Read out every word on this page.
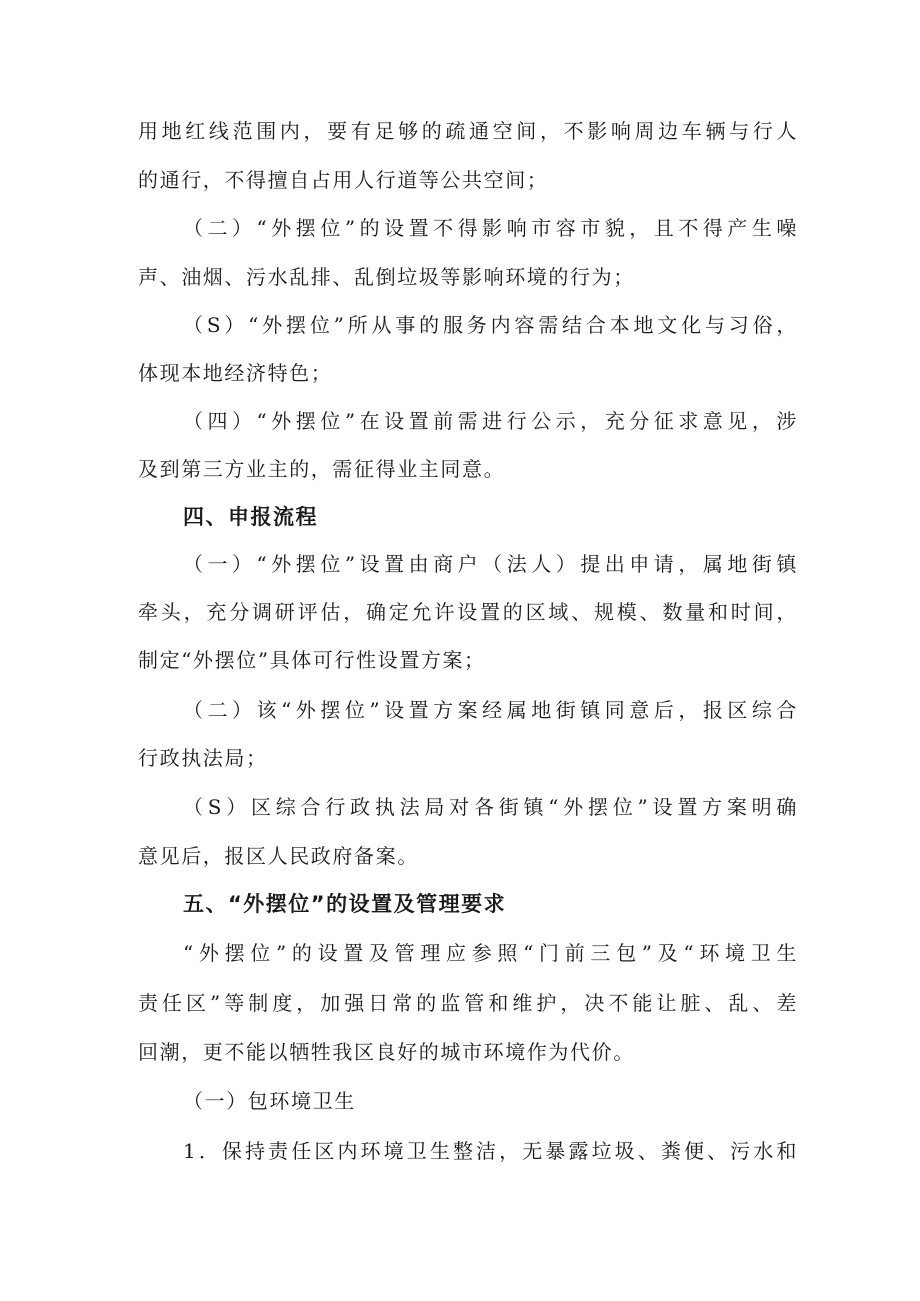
用地红线范围内，要有足够的疏通空间，不影响周边车辆与行人
的通行，不得擅自占用人行道等公共空间；
（二）“外摆位”的设置不得影响市容市貌，且不得产生噪
声、油烟、污水乱排、乱倒垃圾等影响环境的行为；
（S）“外摆位”所从事的服务内容需结合本地文化与习俗，
体现本地经济特色；
（四）“外摆位”在设置前需进行公示，充分征求意见，涉
及到第三方业主的，需征得业主同意。
四、申报流程
（一）“外摆位”设置由商户（法人）提出申请，属地街镇
牵头，充分调研评估，确定允许设置的区域、规模、数量和时间，
制定“外摆位”具体可行性设置方案；
（二）该“外摆位”设置方案经属地街镇同意后，报区综合
行政执法局；
（S）区综合行政执法局对各街镇“外摆位”设置方案明确
意见后，报区人民政府备案。
五、“外摆位”的设置及管理要求
“外摆位”的设置及管理应参照“门前三包”及“环境卫生
责任区”等制度，加强日常的监管和维护，决不能让脏、乱、差
回潮，更不能以牺牲我区良好的城市环境作为代价。
（一）包环境卫生
1．保持责任区内环境卫生整洁，无暴露垃圾、粪便、污水和
